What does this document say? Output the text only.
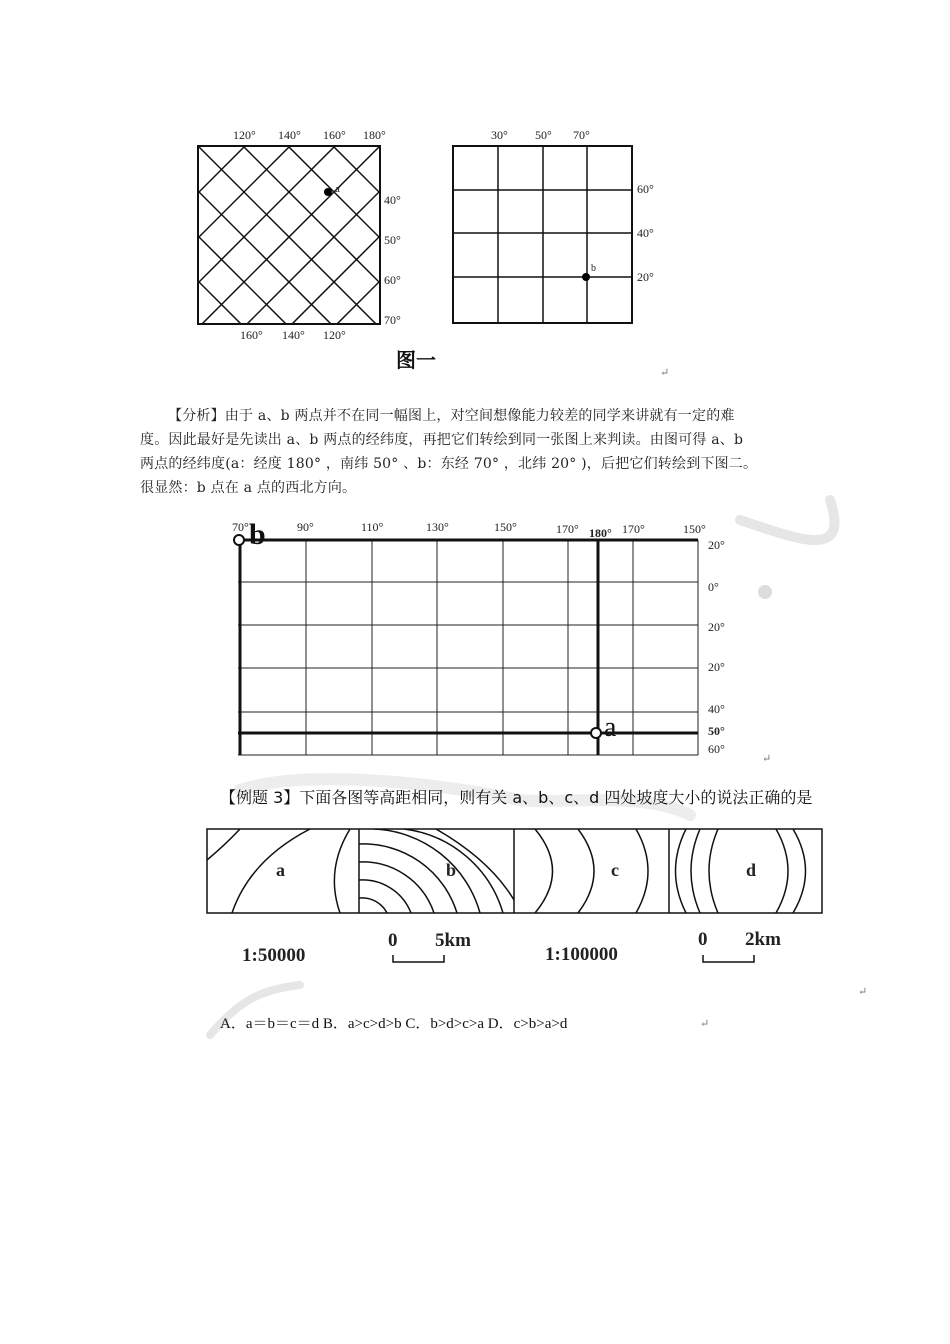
120° 140° 160° 180°
160° 140° 120°
40°
50°
60°
70°
a
30° 50° 70°
60°
40°
20°
b
图一
↵
【分析】由于 a、b 两点并不在同一幅图上，对空间想像能力较差的同学来讲就有一定的难
度。因此最好是先读出 a、b 两点的经纬度，再把它们转绘到同一张图上来判读。由图可得 a、b
两点的经纬度(a：经度 180° ，南纬 50° 、b：东经 70° ，北纬 20° )，后把它们转绘到下图二。
很显然：b 点在 a 点的西北方向。
70°	90°	110°	130°	150°	170° 180° 170°	150°
20°
0°
20°
20°
40°
50°
60°
b
a
↵
【例题 3】下面各图等高距相同，则有关 a、b、c、d 四处坡度大小的说法正确的是
a	b	c	d
1:50000
0 5km
1:100000
0 2km
↵
A．a＝b＝c＝d B．a>c>d>b C．b>d>c>a D．c>b>a>d	↵
